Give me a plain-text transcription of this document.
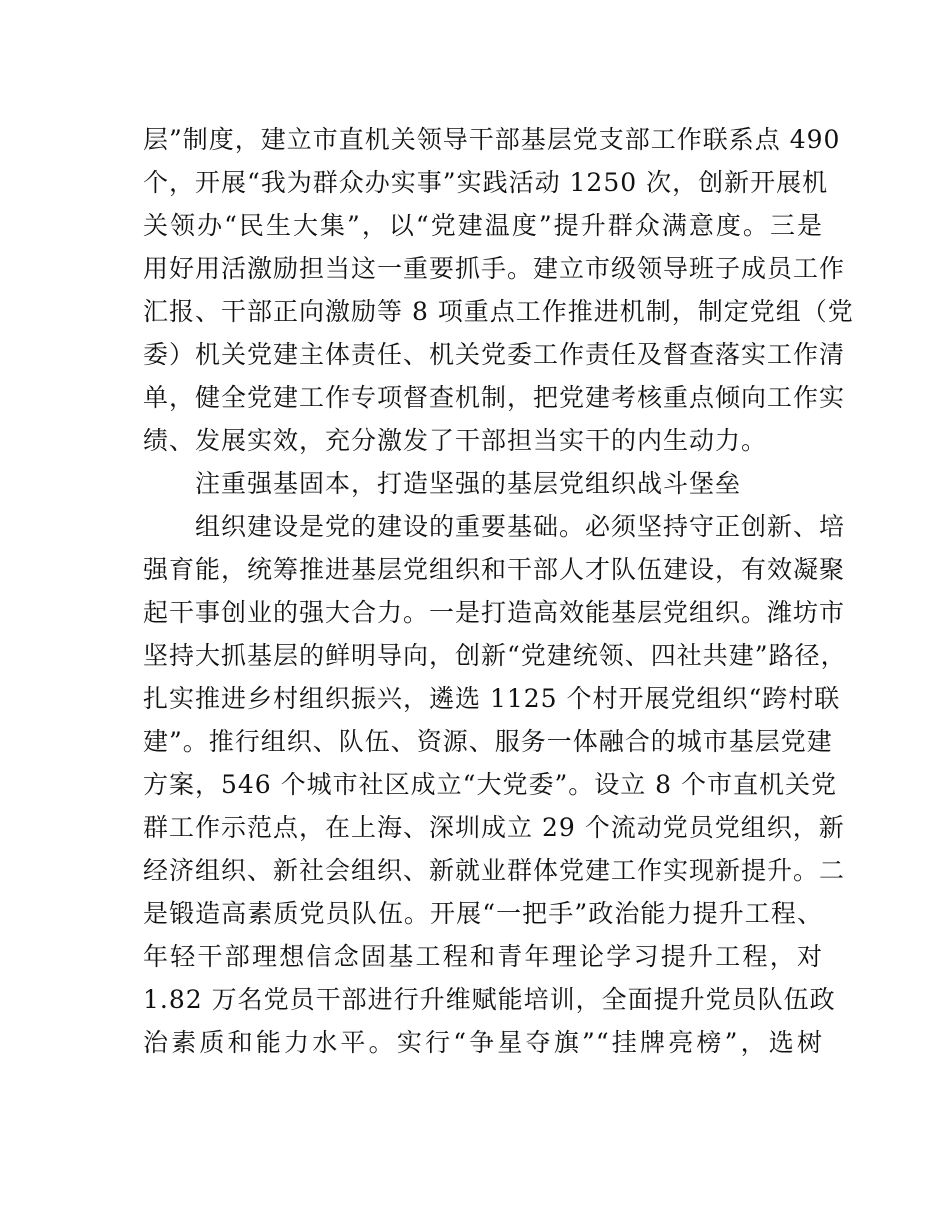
层”制度，建立市直机关领导干部基层党支部工作联系点 490
个，开展“我为群众办实事”实践活动 1250 次，创新开展机
关领办“民生大集”，以“党建温度”提升群众满意度。三是
用好用活激励担当这一重要抓手。建立市级领导班子成员工作
汇报、干部正向激励等 8 项重点工作推进机制，制定党组（党
委）机关党建主体责任、机关党委工作责任及督查落实工作清
单，健全党建工作专项督查机制，把党建考核重点倾向工作实
绩、发展实效，充分激发了干部担当实干的内生动力。
注重强基固本，打造坚强的基层党组织战斗堡垒
组织建设是党的建设的重要基础。必须坚持守正创新、培
强育能，统筹推进基层党组织和干部人才队伍建设，有效凝聚
起干事创业的强大合力。一是打造高效能基层党组织。潍坊市
坚持大抓基层的鲜明导向，创新“党建统领、四社共建”路径，
扎实推进乡村组织振兴，遴选 1125 个村开展党组织“跨村联
建”。推行组织、队伍、资源、服务一体融合的城市基层党建
方案，546 个城市社区成立“大党委”。设立 8 个市直机关党
群工作示范点，在上海、深圳成立 29 个流动党员党组织，新
经济组织、新社会组织、新就业群体党建工作实现新提升。二
是锻造高素质党员队伍。开展“一把手”政治能力提升工程、
年轻干部理想信念固基工程和青年理论学习提升工程，对
1.82 万名党员干部进行升维赋能培训，全面提升党员队伍政
治素质和能力水平。实行“争星夺旗”“挂牌亮榜”，选树
